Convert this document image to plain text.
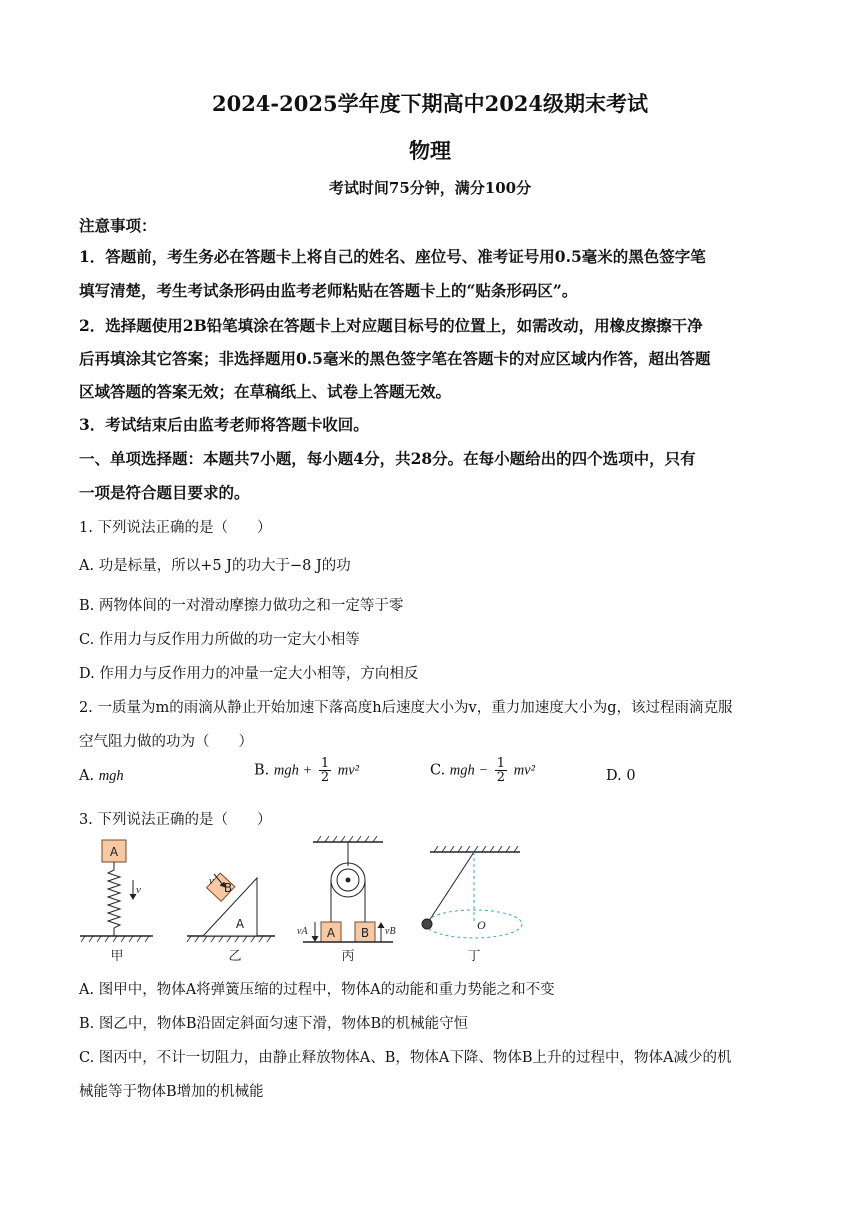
2024-2025学年度下期高中2024级期末考试
物理
考试时间75分钟，满分100分
注意事项：
1．答题前，考生务必在答题卡上将自己的姓名、座位号、准考证号用0.5毫米的黑色签字笔
填写清楚，考生考试条形码由监考老师粘贴在答题卡上的“贴条形码区”。
2．选择题使用2B铅笔填涂在答题卡上对应题目标号的位置上，如需改动，用橡皮擦擦干净
后再填涂其它答案；非选择题用0.5毫米的黑色签字笔在答题卡的对应区域内作答，超出答题
区域答题的答案无效；在草稿纸上、试卷上答题无效。
3．考试结束后由监考老师将答题卡收回。
一、单项选择题：本题共7小题，每小题4分，共28分。在每小题给出的四个选项中，只有
一项是符合题目要求的。
1. 下列说法正确的是（　　）
A. 功是标量，所以+5 J的功大于−8 J的功
B. 两物体间的一对滑动摩擦力做功之和一定等于零
C. 作用力与反作用力所做的功一定大小相等
D. 作用力与反作用力的冲量一定大小相等，方向相反
2. 一质量为m的雨滴从静止开始加速下落高度h后速度大小为v，重力加速度大小为g，该过程雨滴克服
空气阻力做的功为（　　）
A. mgh	B. mgh + $\frac{1}{2} mv^2$	C. mgh − $\frac{1}{2} mv^2$	D. 0
3. 下列说法正确的是（　　）
A
v	B
A
v
A B
vA	vB	O
甲	乙	丙	丁
A. 图甲中，物体A将弹簧压缩的过程中，物体A的动能和重力势能之和不变
B. 图乙中，物体B沿固定斜面匀速下滑，物体B的机械能守恒
C. 图丙中，不计一切阻力，由静止释放物体A、B，物体A下降、物体B上升的过程中，物体A减少的机
械能等于物体B增加的机械能
